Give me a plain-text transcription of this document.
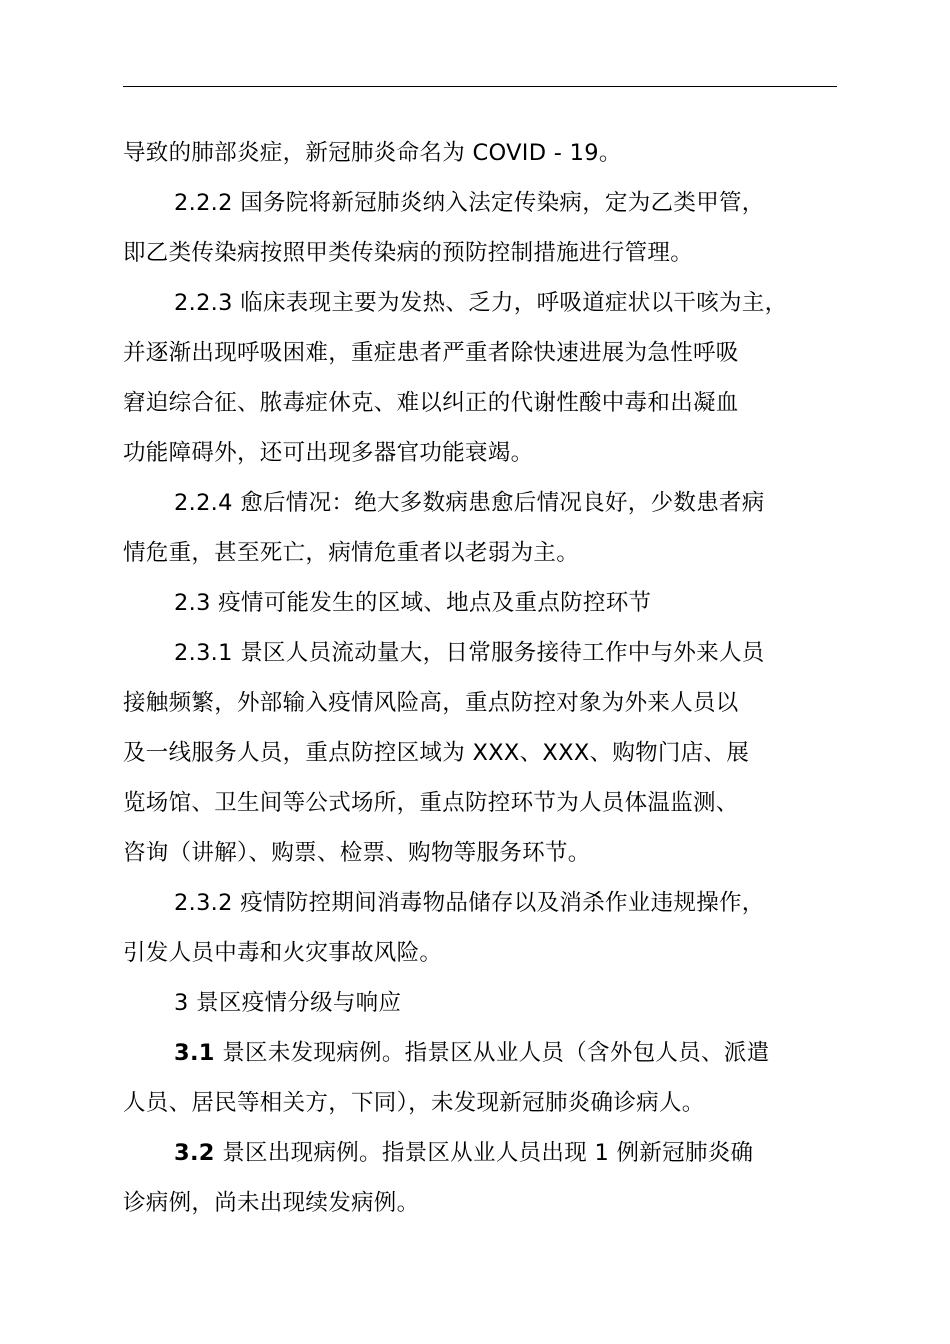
导致的肺部炎症，新冠肺炎命名为 COVID - 19。

2.2.2 国务院将新冠肺炎纳入法定传染病，定为乙类甲管，
即乙类传染病按照甲类传染病的预防控制措施进行管理。

2.2.3 临床表现主要为发热、乏力，呼吸道症状以干咳为主，
并逐渐出现呼吸困难，重症患者严重者除快速进展为急性呼吸
窘迫综合征、脓毒症休克、难以纠正的代谢性酸中毒和出凝血
功能障碍外，还可出现多器官功能衰竭。

2.2.4 愈后情况：绝大多数病患愈后情况良好，少数患者病
情危重，甚至死亡，病情危重者以老弱为主。

2.3 疫情可能发生的区域、地点及重点防控环节

2.3.1 景区人员流动量大，日常服务接待工作中与外来人员
接触频繁，外部输入疫情风险高，重点防控对象为外来人员以
及一线服务人员，重点防控区域为 XXX、XXX、购物门店、展
览场馆、卫生间等公式场所，重点防控环节为人员体温监测、
咨询（讲解）、购票、检票、购物等服务环节。

2.3.2 疫情防控期间消毒物品储存以及消杀作业违规操作，
引发人员中毒和火灾事故风险。

3 景区疫情分级与响应

3.1 景区未发现病例。指景区从业人员（含外包人员、派遣
人员、居民等相关方，下同），未发现新冠肺炎确诊病人。

3.2 景区出现病例。指景区从业人员出现 1 例新冠肺炎确
诊病例，尚未出现续发病例。
